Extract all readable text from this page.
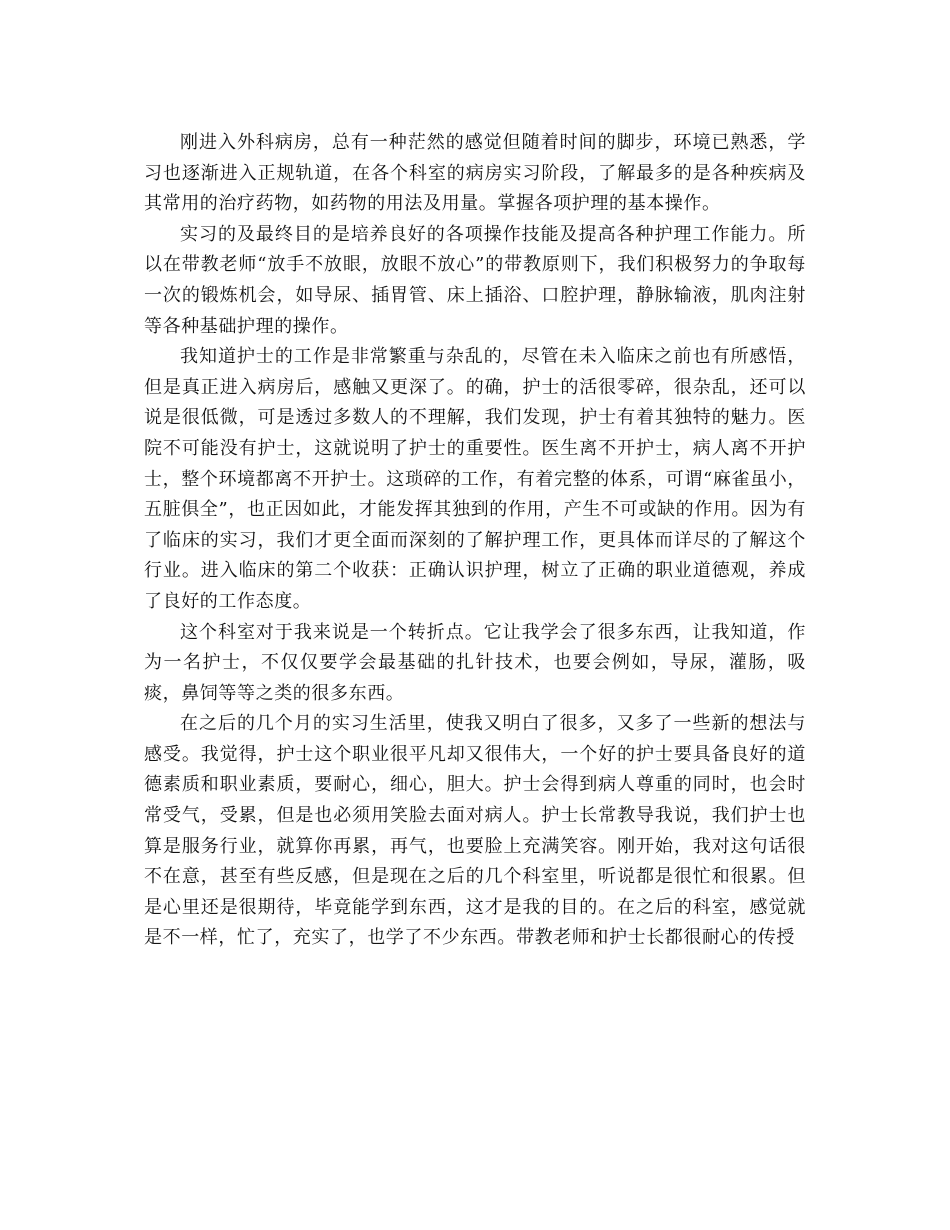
刚进入外科病房，总有一种茫然的感觉但随着时间的脚步，环境已熟悉，学习也逐渐进入正规轨道，在各个科室的病房实习阶段，了解最多的是各种疾病及其常用的治疗药物，如药物的用法及用量。掌握各项护理的基本操作。

实习的及最终目的是培养良好的各项操作技能及提高各种护理工作能力。所以在带教老师“放手不放眼，放眼不放心”的带教原则下，我们积极努力的争取每一次的锻炼机会，如导尿、插胃管、床上插浴、口腔护理，静脉输液，肌肉注射等各种基础护理的操作。

我知道护士的工作是非常繁重与杂乱的，尽管在未入临床之前也有所感悟，但是真正进入病房后，感触又更深了。的确，护士的活很零碎，很杂乱，还可以说是很低微，可是透过多数人的不理解，我们发现，护士有着其独特的魅力。医院不可能没有护士，这就说明了护士的重要性。医生离不开护士，病人离不开护士，整个环境都离不开护士。这琐碎的工作，有着完整的体系，可谓“麻雀虽小，五脏俱全”，也正因如此，才能发挥其独到的作用，产生不可或缺的作用。因为有了临床的实习，我们才更全面而深刻的了解护理工作，更具体而详尽的了解这个行业。进入临床的第二个收获：正确认识护理，树立了正确的职业道德观，养成了良好的工作态度。

这个科室对于我来说是一个转折点。它让我学会了很多东西，让我知道，作为一名护士，不仅仅要学会最基础的扎针技术，也要会例如，导尿，灌肠，吸痰，鼻饲等等之类的很多东西。

在之后的几个月的实习生活里，使我又明白了很多，又多了一些新的想法与感受。我觉得，护士这个职业很平凡却又很伟大，一个好的护士要具备良好的道德素质和职业素质，要耐心，细心，胆大。护士会得到病人尊重的同时，也会时常受气，受累，但是也必须用笑脸去面对病人。护士长常教导我说，我们护士也算是服务行业，就算你再累，再气，也要脸上充满笑容。刚开始，我对这句话很不在意，甚至有些反感，但是现在之后的几个科室里，听说都是很忙和很累。但是心里还是很期待，毕竟能学到东西，这才是我的目的。在之后的科室，感觉就是不一样，忙了，充实了，也学了不少东西。带教老师和护士长都很耐心的传授
